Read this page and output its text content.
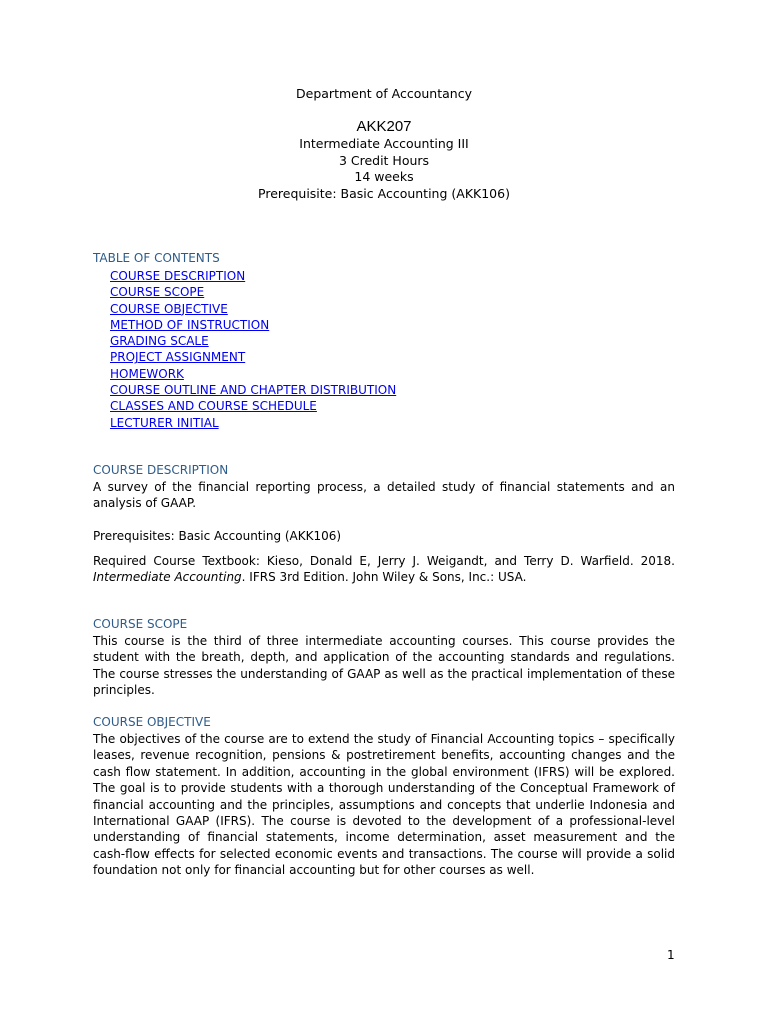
Department of Accountancy
AKK207
Intermediate Accounting III
3 Credit Hours
14 weeks
Prerequisite: Basic Accounting (AKK106)
TABLE OF CONTENTS
COURSE DESCRIPTION
COURSE SCOPE
COURSE OBJECTIVE
METHOD OF INSTRUCTION
GRADING SCALE
PROJECT ASSIGNMENT
HOMEWORK
COURSE OUTLINE AND CHAPTER DISTRIBUTION
CLASSES AND COURSE SCHEDULE
LECTURER INITIAL
COURSE DESCRIPTION

A survey of the financial reporting process, a detailed study of financial statements and an analysis of GAAP.

Prerequisites: Basic Accounting (AKK106)

Required Course Textbook: Kieso, Donald E, Jerry J. Weigandt, and Terry D. Warfield. 2018. Intermediate Accounting. IFRS 3rd Edition. John Wiley & Sons, Inc.: USA.

COURSE SCOPE

This course is the third of three intermediate accounting courses. This course provides the student with the breath, depth, and application of the accounting standards and regulations. The course stresses the understanding of GAAP as well as the practical implementation of these principles.

COURSE OBJECTIVE

The objectives of the course are to extend the study of Financial Accounting topics – specifically leases, revenue recognition, pensions & postretirement benefits, accounting changes and the cash flow statement. In addition, accounting in the global environment (IFRS) will be explored. The goal is to provide students with a thorough understanding of the Conceptual Framework of financial accounting and the principles, assumptions and concepts that underlie Indonesia and International GAAP (IFRS). The course is devoted to the development of a professional-level understanding of financial statements, income determination, asset measurement and the cash-flow effects for selected economic events and transactions. The course will provide a solid foundation not only for financial accounting but for other courses as well.

1
